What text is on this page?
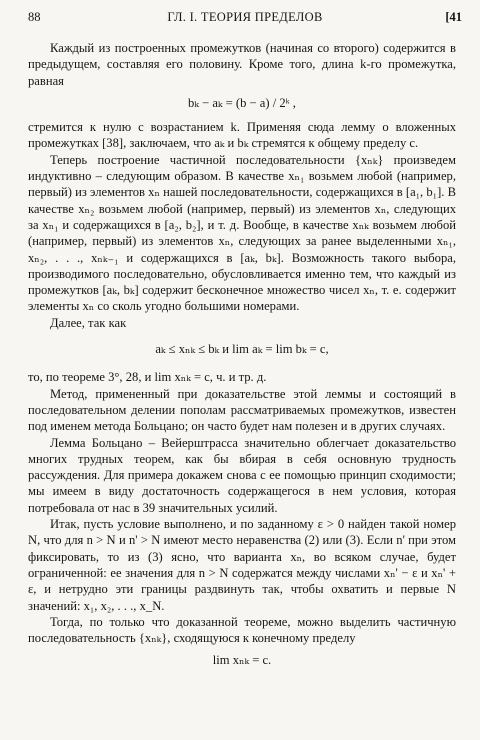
88	ГЛ. I. ТЕОРИЯ ПРЕДЕЛОВ	[41

Каждый из построенных промежутков (начиная со второго) содержится в предыдущем, составляя его половину. Кроме того, длина k-го промежутка, равная

bₖ − aₖ = (b − a) / 2ᵏ ,

стремится к нулю с возрастанием k. Применяя сюда лемму о вложенных промежутках [38], заключаем, что aₖ и bₖ стремятся к общему пределу c.

Теперь построение частичной последовательности {xₙₖ} произведем индуктивно – следующим образом. В качестве xₙ₁ возьмем любой (например, первый) из элементов xₙ нашей последовательности, содержащихся в [a₁, b₁]. В качестве xₙ₂ возьмем любой (например, первый) из элементов xₙ, следующих за xₙ₁ и содержащихся в [a₂, b₂], и т. д. Вообще, в качестве xₙₖ возьмем любой (например, первый) из элементов xₙ, следующих за ранее выделенными xₙ₁, xₙ₂, . . ., xₙₖ₋₁ и содержащихся в [aₖ, bₖ]. Возможность такого выбора, производимого последовательно, обусловливается именно тем, что каждый из промежутков [aₖ, bₖ] содержит бесконечное множество чисел xₙ, т. е. содержит элементы xₙ со сколь угодно большими номерами.

Далее, так как

aₖ ≤ xₙₖ ≤ bₖ и lim aₖ = lim bₖ = c,

то, по теореме 3°, 28, и lim xₙₖ = c, ч. и тр. д.

Метод, примененный при доказательстве этой леммы и состоящий в последовательном делении пополам рассматриваемых промежутков, известен под именем метода Больцано; он часто будет нам полезен и в других случаях.

Лемма Больцано – Вейерштрасса значительно облегчает доказательство многих трудных теорем, как бы вбирая в себя основную трудность рассуждения. Для примера докажем снова с ее помощью принцип сходимости; мы имеем в виду достаточность содержащегося в нем условия, которая потребовала от нас в 39 значительных усилий.

Итак, пусть условие выполнено, и по заданному ε > 0 найден такой номер N, что для n > N и n' > N имеют место неравенства (2) или (3). Если n' при этом фиксировать, то из (3) ясно, что варианта xₙ, во всяком случае, будет ограниченной: ее значения для n > N содержатся между числами xₙ' − ε и xₙ' + ε, и нетрудно эти границы раздвинуть так, чтобы охватить и первые N значений: x₁, x₂, . . ., x_N.

Тогда, по только что доказанной теореме, можно выделить частичную последовательность {xₙₖ}, сходящуюся к конечному пределу

lim xₙₖ = c.
